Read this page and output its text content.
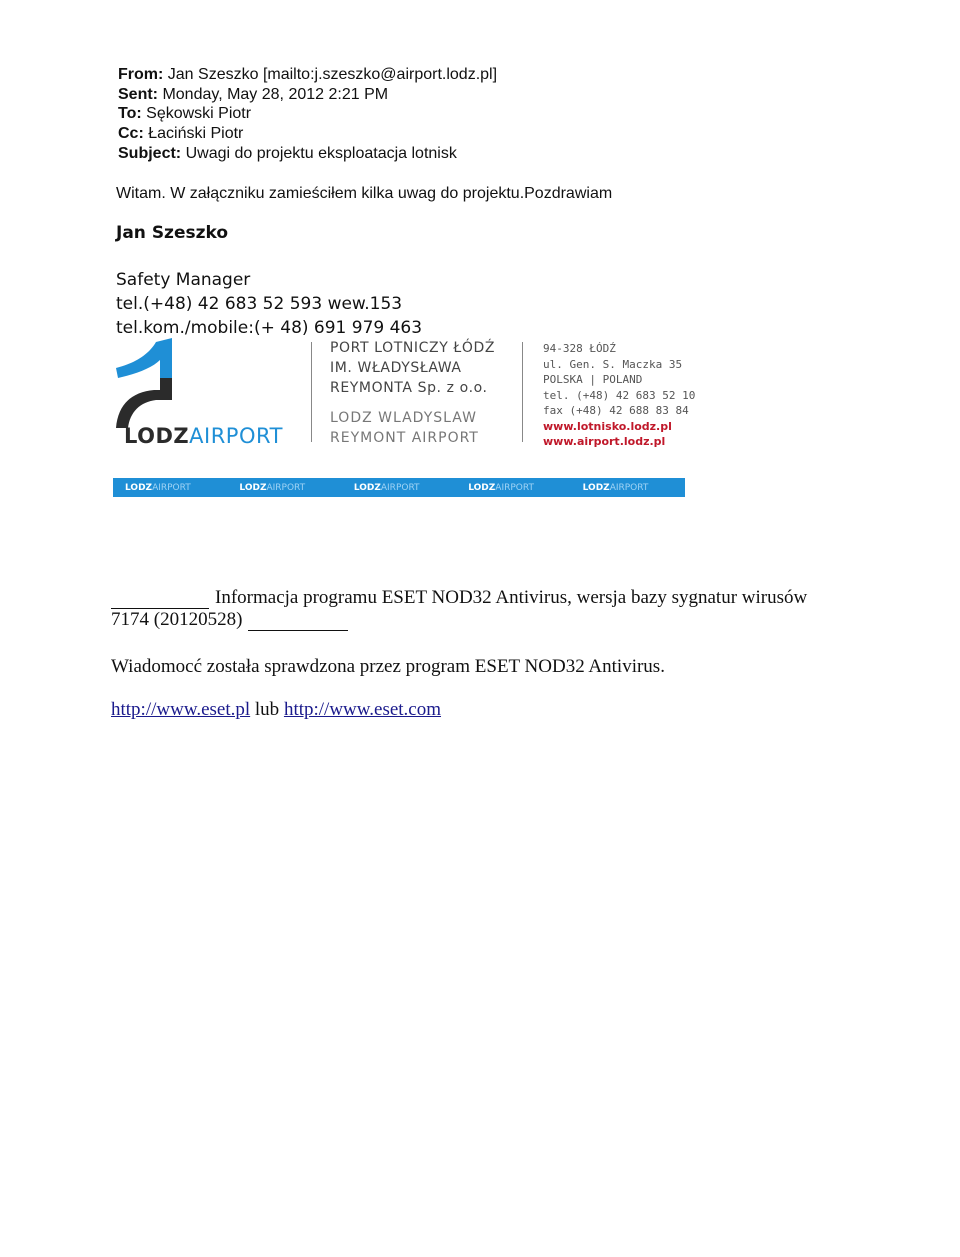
From: Jan Szeszko [mailto:j.szeszko@airport.lodz.pl]
Sent: Monday, May 28, 2012 2:21 PM
To: Sękowski Piotr
Cc: Łaciński Piotr
Subject: Uwagi do projektu eksploatacja lotnisk
Witam. W załączniku zamieściłem kilka uwag do projektu.Pozdrawiam
Jan Szeszko
Safety Manager
tel.(+48) 42 683 52 593 wew.153
tel.kom./mobile:(+ 48) 691 979 463
LODZAIRPORT
PORT LOTNICZY ŁÓDŹ
IM. WŁADYSŁAWA
REYMONTA Sp. z o.o.
LODZ WLADYSLAW
REYMONT AIRPORT
94-328 ŁÓDŹ
ul. Gen. S. Maczka 35
POLSKA | POLAND
tel. (+48) 42 683 52 10
fax (+48) 42 688 83 84
www.lotnisko.lodz.pl
www.airport.lodz.pl
LODZAIRPORT	LODZAIRPORT	LODZAIRPORT	LODZAIRPORT	LODZAIRPORT
Informacja programu ESET NOD32 Antivirus, wersja bazy sygnatur wirusów
7174 (20120528)
Wiadomocć została sprawdzona przez program ESET NOD32 Antivirus.
http://www.eset.pl lub http://www.eset.com
